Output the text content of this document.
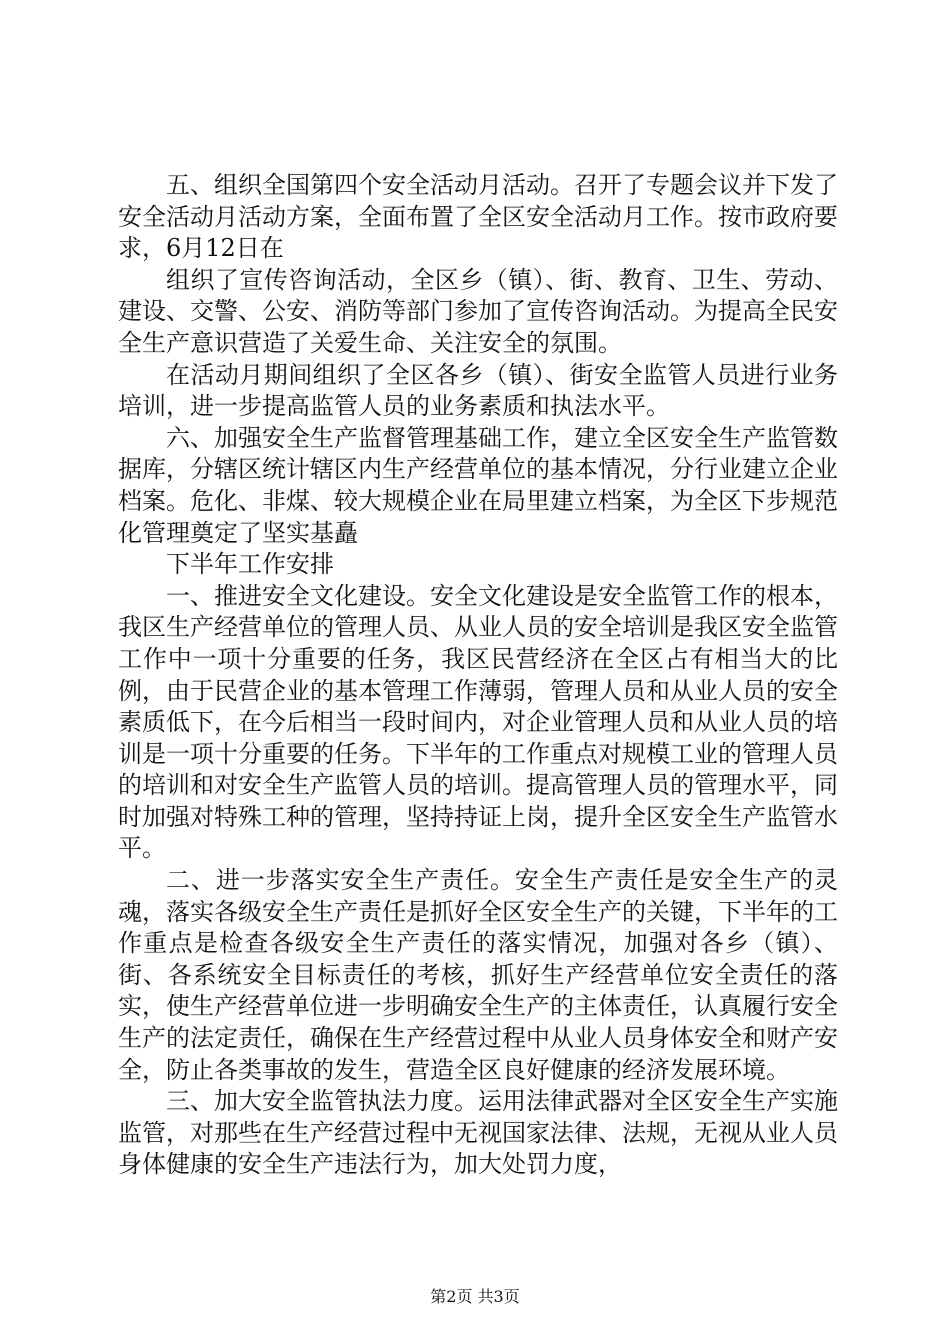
五、组织全国第四个安全活动月活动。召开了专题会议并下发了安全活动月活动方案，全面布置了全区安全活动月工作。按市政府要求，6月12日在

组织了宣传咨询活动，全区乡（镇）、街、教育、卫生、劳动、建设、交警、公安、消防等部门参加了宣传咨询活动。为提高全民安全生产意识营造了关爱生命、关注安全的氛围。

在活动月期间组织了全区各乡（镇）、街安全监管人员进行业务培训，进一步提高监管人员的业务素质和执法水平。

六、加强安全生产监督管理基础工作，建立全区安全生产监管数据库，分辖区统计辖区内生产经营单位的基本情况，分行业建立企业档案。危化、非煤、较大规模企业在局里建立档案，为全区下步规范化管理奠定了坚实基矗

下半年工作安排

一、推进安全文化建设。安全文化建设是安全监管工作的根本，我区生产经营单位的管理人员、从业人员的安全培训是我区安全监管工作中一项十分重要的任务，我区民营经济在全区占有相当大的比例，由于民营企业的基本管理工作薄弱，管理人员和从业人员的安全素质低下，在今后相当一段时间内，对企业管理人员和从业人员的培训是一项十分重要的任务。下半年的工作重点对规模工业的管理人员的培训和对安全生产监管人员的培训。提高管理人员的管理水平，同时加强对特殊工种的管理，坚持持证上岗，提升全区安全生产监管水平。

二、进一步落实安全生产责任。安全生产责任是安全生产的灵魂，落实各级安全生产责任是抓好全区安全生产的关键，下半年的工作重点是检查各级安全生产责任的落实情况，加强对各乡（镇）、街、各系统安全目标责任的考核，抓好生产经营单位安全责任的落实，使生产经营单位进一步明确安全生产的主体责任，认真履行安全生产的法定责任，确保在生产经营过程中从业人员身体安全和财产安全，防止各类事故的发生，营造全区良好健康的经济发展环境。

三、加大安全监管执法力度。运用法律武器对全区安全生产实施监管，对那些在生产经营过程中无视国家法律、法规，无视从业人员身体健康的安全生产违法行为，加大处罚力度，

第2页 共3页
